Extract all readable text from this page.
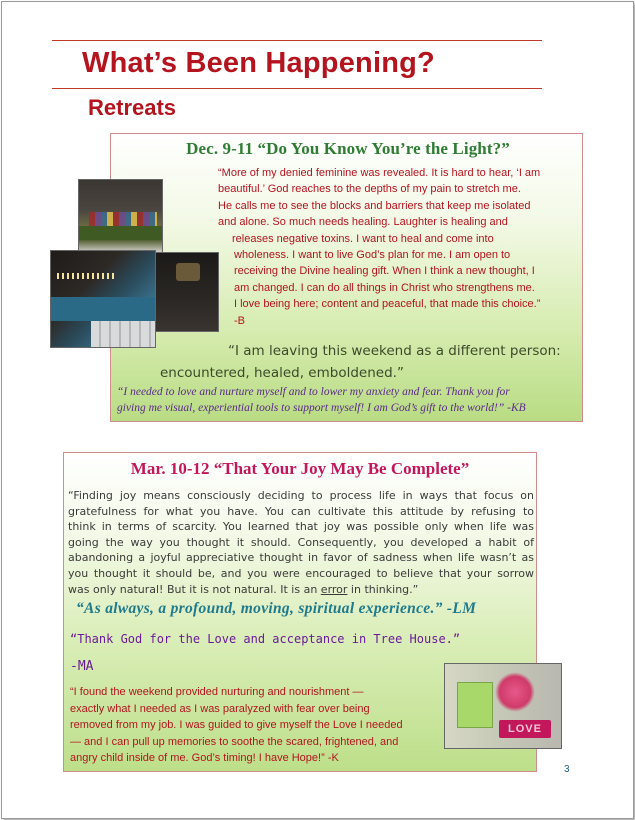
What’s Been Happening?
Retreats
Dec. 9-11 “Do You Know You’re the Light?”
“More of my denied feminine was revealed. It is hard to hear, ‘I am
beautiful.’ God reaches to the depths of my pain to stretch me.
He calls me to see the blocks and barriers that keep me isolated
and alone. So much needs healing. Laughter is healing and
releases negative toxins. I want to heal and come into
wholeness. I want to live God’s plan for me. I am open to
receiving the Divine healing gift. When I think a new thought, I
am changed. I can do all things in Christ who strengthens me.
I love being here; content and peaceful, that made this choice.”
-B
“I am leaving this weekend as a different person:
encountered, healed, emboldened.”
“I needed to love and nurture myself and to lower my anxiety and fear. Thank you for
giving me visual, experiential tools to support myself! I am God’s gift to the world!” -KB
Mar. 10-12 “That Your Joy May Be Complete”
“Finding joy means consciously deciding to process life in ways that focus on
gratefulness for what you have. You can cultivate this attitude by refusing to
think in terms of scarcity. You learned that joy was possible only when life was
going the way you thought it should. Consequently, you developed a habit of
abandoning a joyful appreciative thought in favor of sadness when life wasn’t as
you thought it should be, and you were encouraged to believe that your sorrow
was only natural! But it is not natural. It is an error in thinking.”
“As always, a profound, moving, spiritual experience.” -LM
“Thank God for the Love and acceptance in Tree House.”
-MA
“I found the weekend provided nurturing and nourishment —
exactly what I needed as I was paralyzed with fear over being
removed from my job. I was guided to give myself the Love I needed
— and I can pull up memories to soothe the scared, frightened, and
angry child inside of me. God’s timing! I have Hope!” -K
LOVE
3
